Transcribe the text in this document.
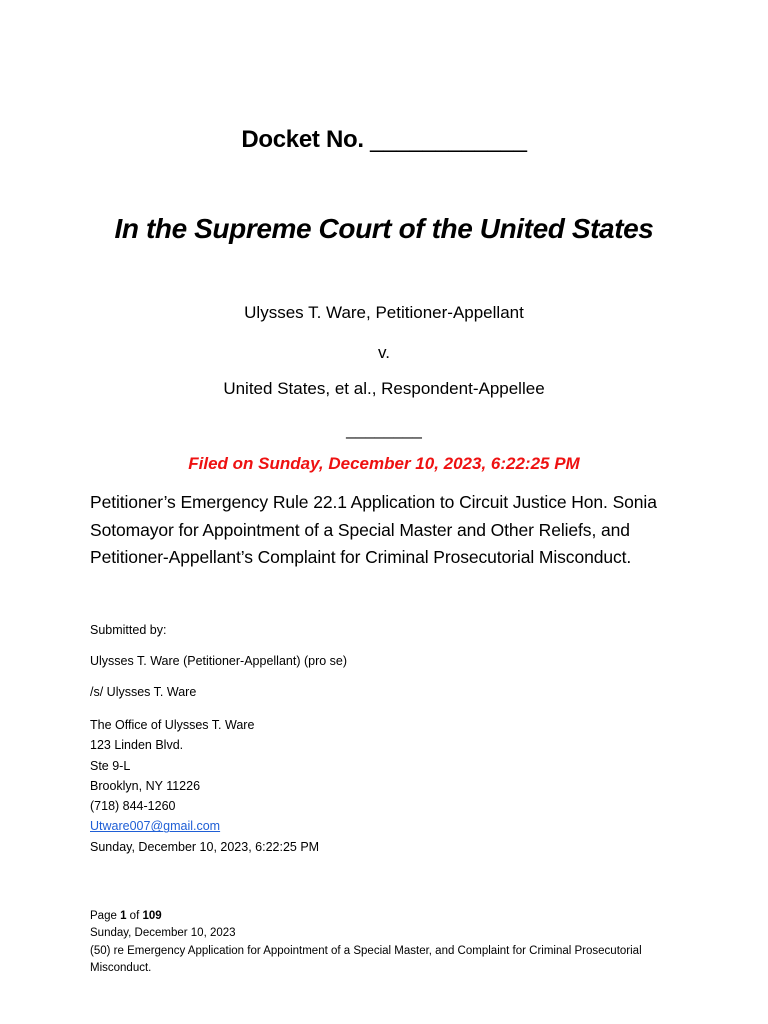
Docket No. ____________

In the Supreme Court of the United States

Ulysses T. Ware, Petitioner-Appellant

v.

United States, et al., Respondent-Appellee

________

Filed on Sunday, December 10, 2023, 6:22:25 PM

Petitioner’s Emergency Rule 22.1 Application to Circuit Justice Hon. Sonia Sotomayor for Appointment of a Special Master and Other Reliefs, and Petitioner-Appellant’s Complaint for Criminal Prosecutorial Misconduct.

Submitted by:

Ulysses T. Ware (Petitioner-Appellant) (pro se)

/s/ Ulysses T. Ware

The Office of Ulysses T. Ware
123 Linden Blvd.
Ste 9-L
Brooklyn, NY 11226
(718) 844-1260
Utware007@gmail.com
Sunday, December 10, 2023, 6:22:25 PM
Page 1 of 109
Sunday, December 10, 2023
(50) re Emergency Application for Appointment of a Special Master, and Complaint for Criminal Prosecutorial Misconduct.
